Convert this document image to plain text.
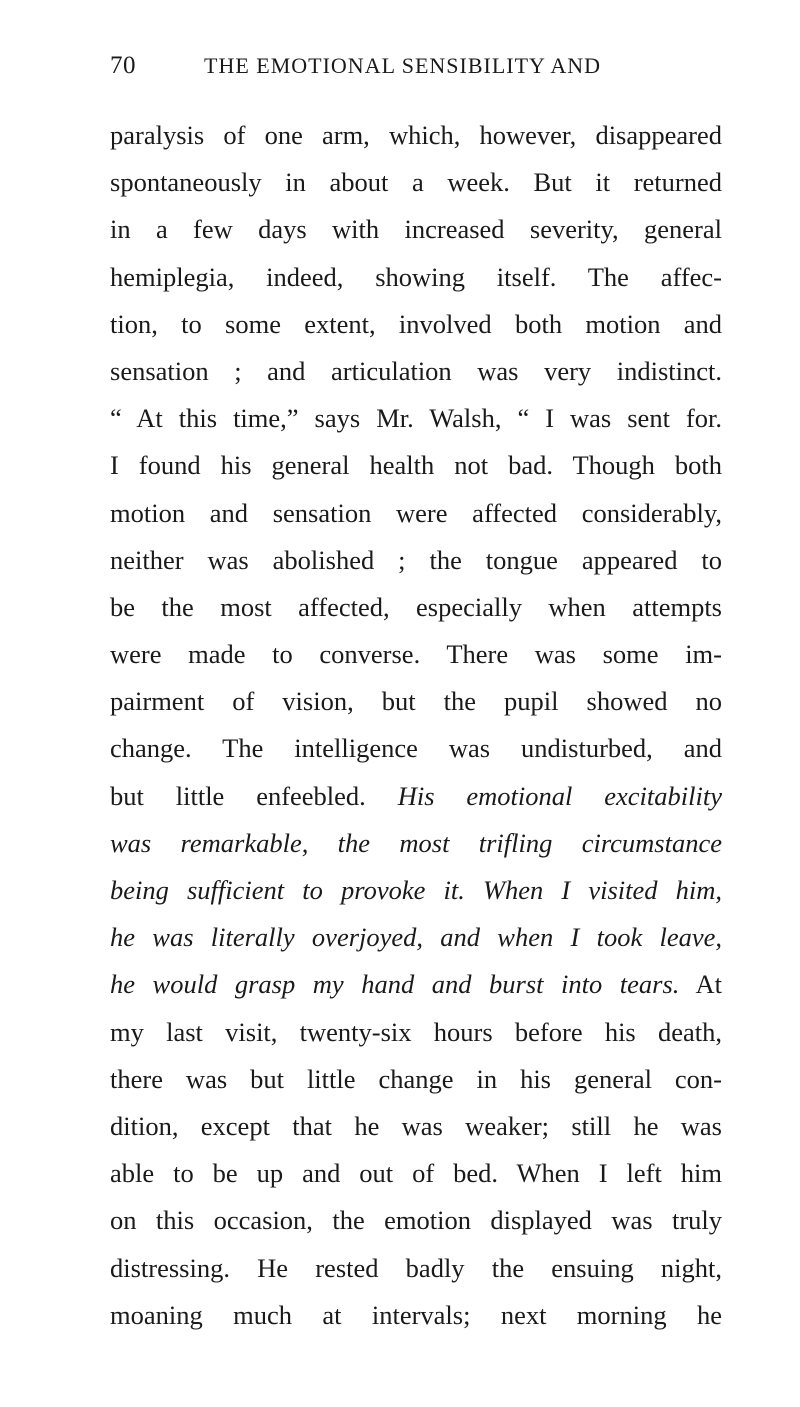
70	THE EMOTIONAL SENSIBILITY AND
paralysis of one arm, which, however, disappeared
spontaneously in about a week. But it returned
in a few days with increased severity, general
hemiplegia, indeed, showing itself. The affec-
tion, to some extent, involved both motion and
sensation ; and articulation was very indistinct.
“ At this time,” says Mr. Walsh, “ I was sent for.
I found his general health not bad. Though both
motion and sensation were affected considerably,
neither was abolished ; the tongue appeared to
be the most affected, especially when attempts
were made to converse. There was some im-
pairment of vision, but the pupil showed no
change. The intelligence was undisturbed, and
but little enfeebled. His emotional excitability
was remarkable, the most trifling circumstance
being sufficient to provoke it. When I visited him,
he was literally overjoyed, and when I took leave,
he would grasp my hand and burst into tears. At
my last visit, twenty-six hours before his death,
there was but little change in his general con-
dition, except that he was weaker; still he was
able to be up and out of bed. When I left him
on this occasion, the emotion displayed was truly
distressing. He rested badly the ensuing night,
moaning much at intervals; next morning he
